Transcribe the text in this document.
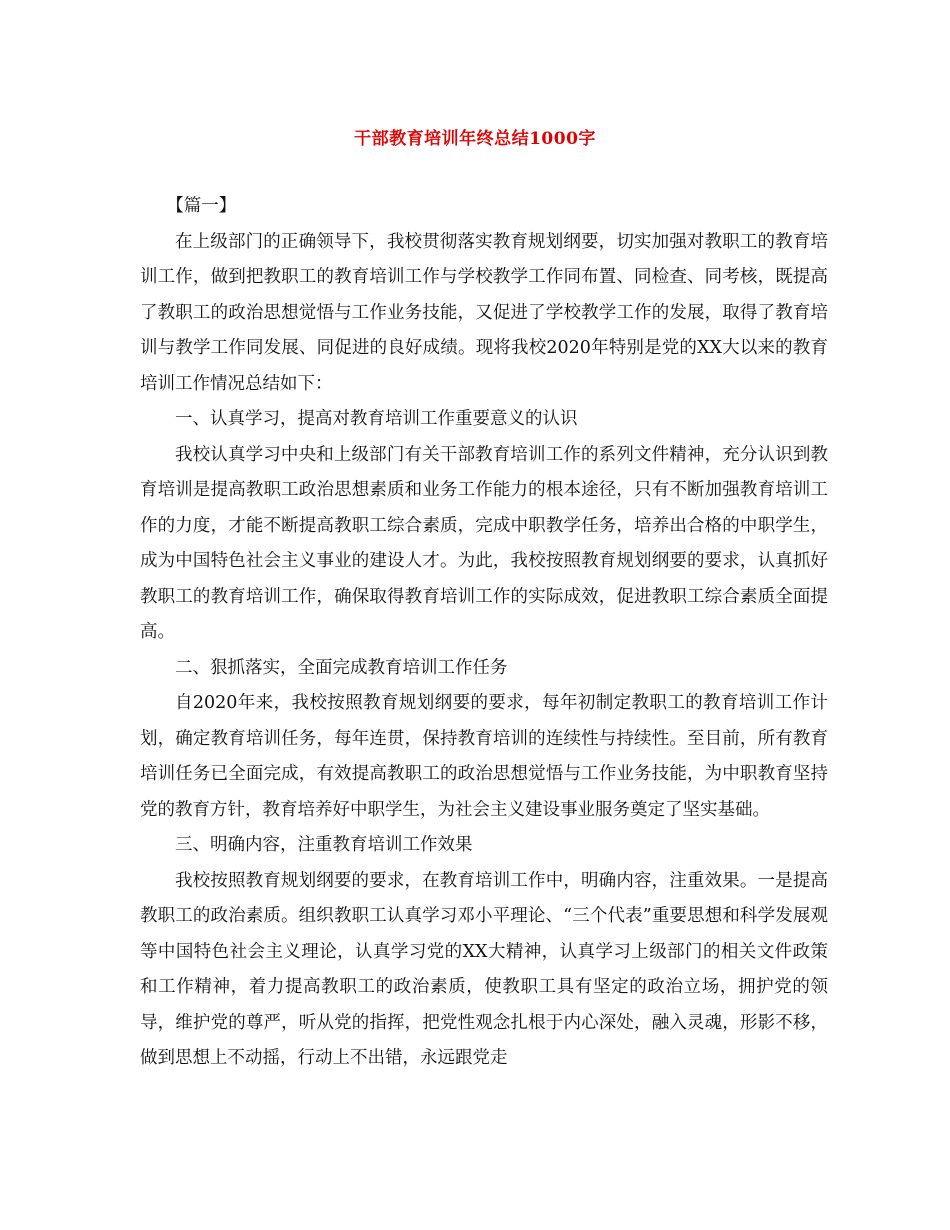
干部教育培训年终总结1000字

【篇一】

在上级部门的正确领导下，我校贯彻落实教育规划纲要，切实加强对教职工的教育培训工作，做到把教职工的教育培训工作与学校教学工作同布置、同检查、同考核，既提高了教职工的政治思想觉悟与工作业务技能，又促进了学校教学工作的发展，取得了教育培训与教学工作同发展、同促进的良好成绩。现将我校2020年特别是党的XX大以来的教育培训工作情况总结如下：

一、认真学习，提高对教育培训工作重要意义的认识

我校认真学习中央和上级部门有关干部教育培训工作的系列文件精神，充分认识到教育培训是提高教职工政治思想素质和业务工作能力的根本途径，只有不断加强教育培训工作的力度，才能不断提高教职工综合素质，完成中职教学任务，培养出合格的中职学生，成为中国特色社会主义事业的建设人才。为此，我校按照教育规划纲要的要求，认真抓好教职工的教育培训工作，确保取得教育培训工作的实际成效，促进教职工综合素质全面提高。

二、狠抓落实，全面完成教育培训工作任务

自2020年来，我校按照教育规划纲要的要求，每年初制定教职工的教育培训工作计划，确定教育培训任务，每年连贯，保持教育培训的连续性与持续性。至目前，所有教育培训任务已全面完成，有效提高教职工的政治思想觉悟与工作业务技能，为中职教育坚持党的教育方针，教育培养好中职学生，为社会主义建设事业服务奠定了坚实基础。

三、明确内容，注重教育培训工作效果

我校按照教育规划纲要的要求，在教育培训工作中，明确内容，注重效果。一是提高教职工的政治素质。组织教职工认真学习邓小平理论、“三个代表”重要思想和科学发展观等中国特色社会主义理论，认真学习党的XX大精神，认真学习上级部门的相关文件政策和工作精神，着力提高教职工的政治素质，使教职工具有坚定的政治立场，拥护党的领导，维护党的尊严，听从党的指挥，把党性观念扎根于内心深处，融入灵魂，形影不移，做到思想上不动摇，行动上不出错，永远跟党走
